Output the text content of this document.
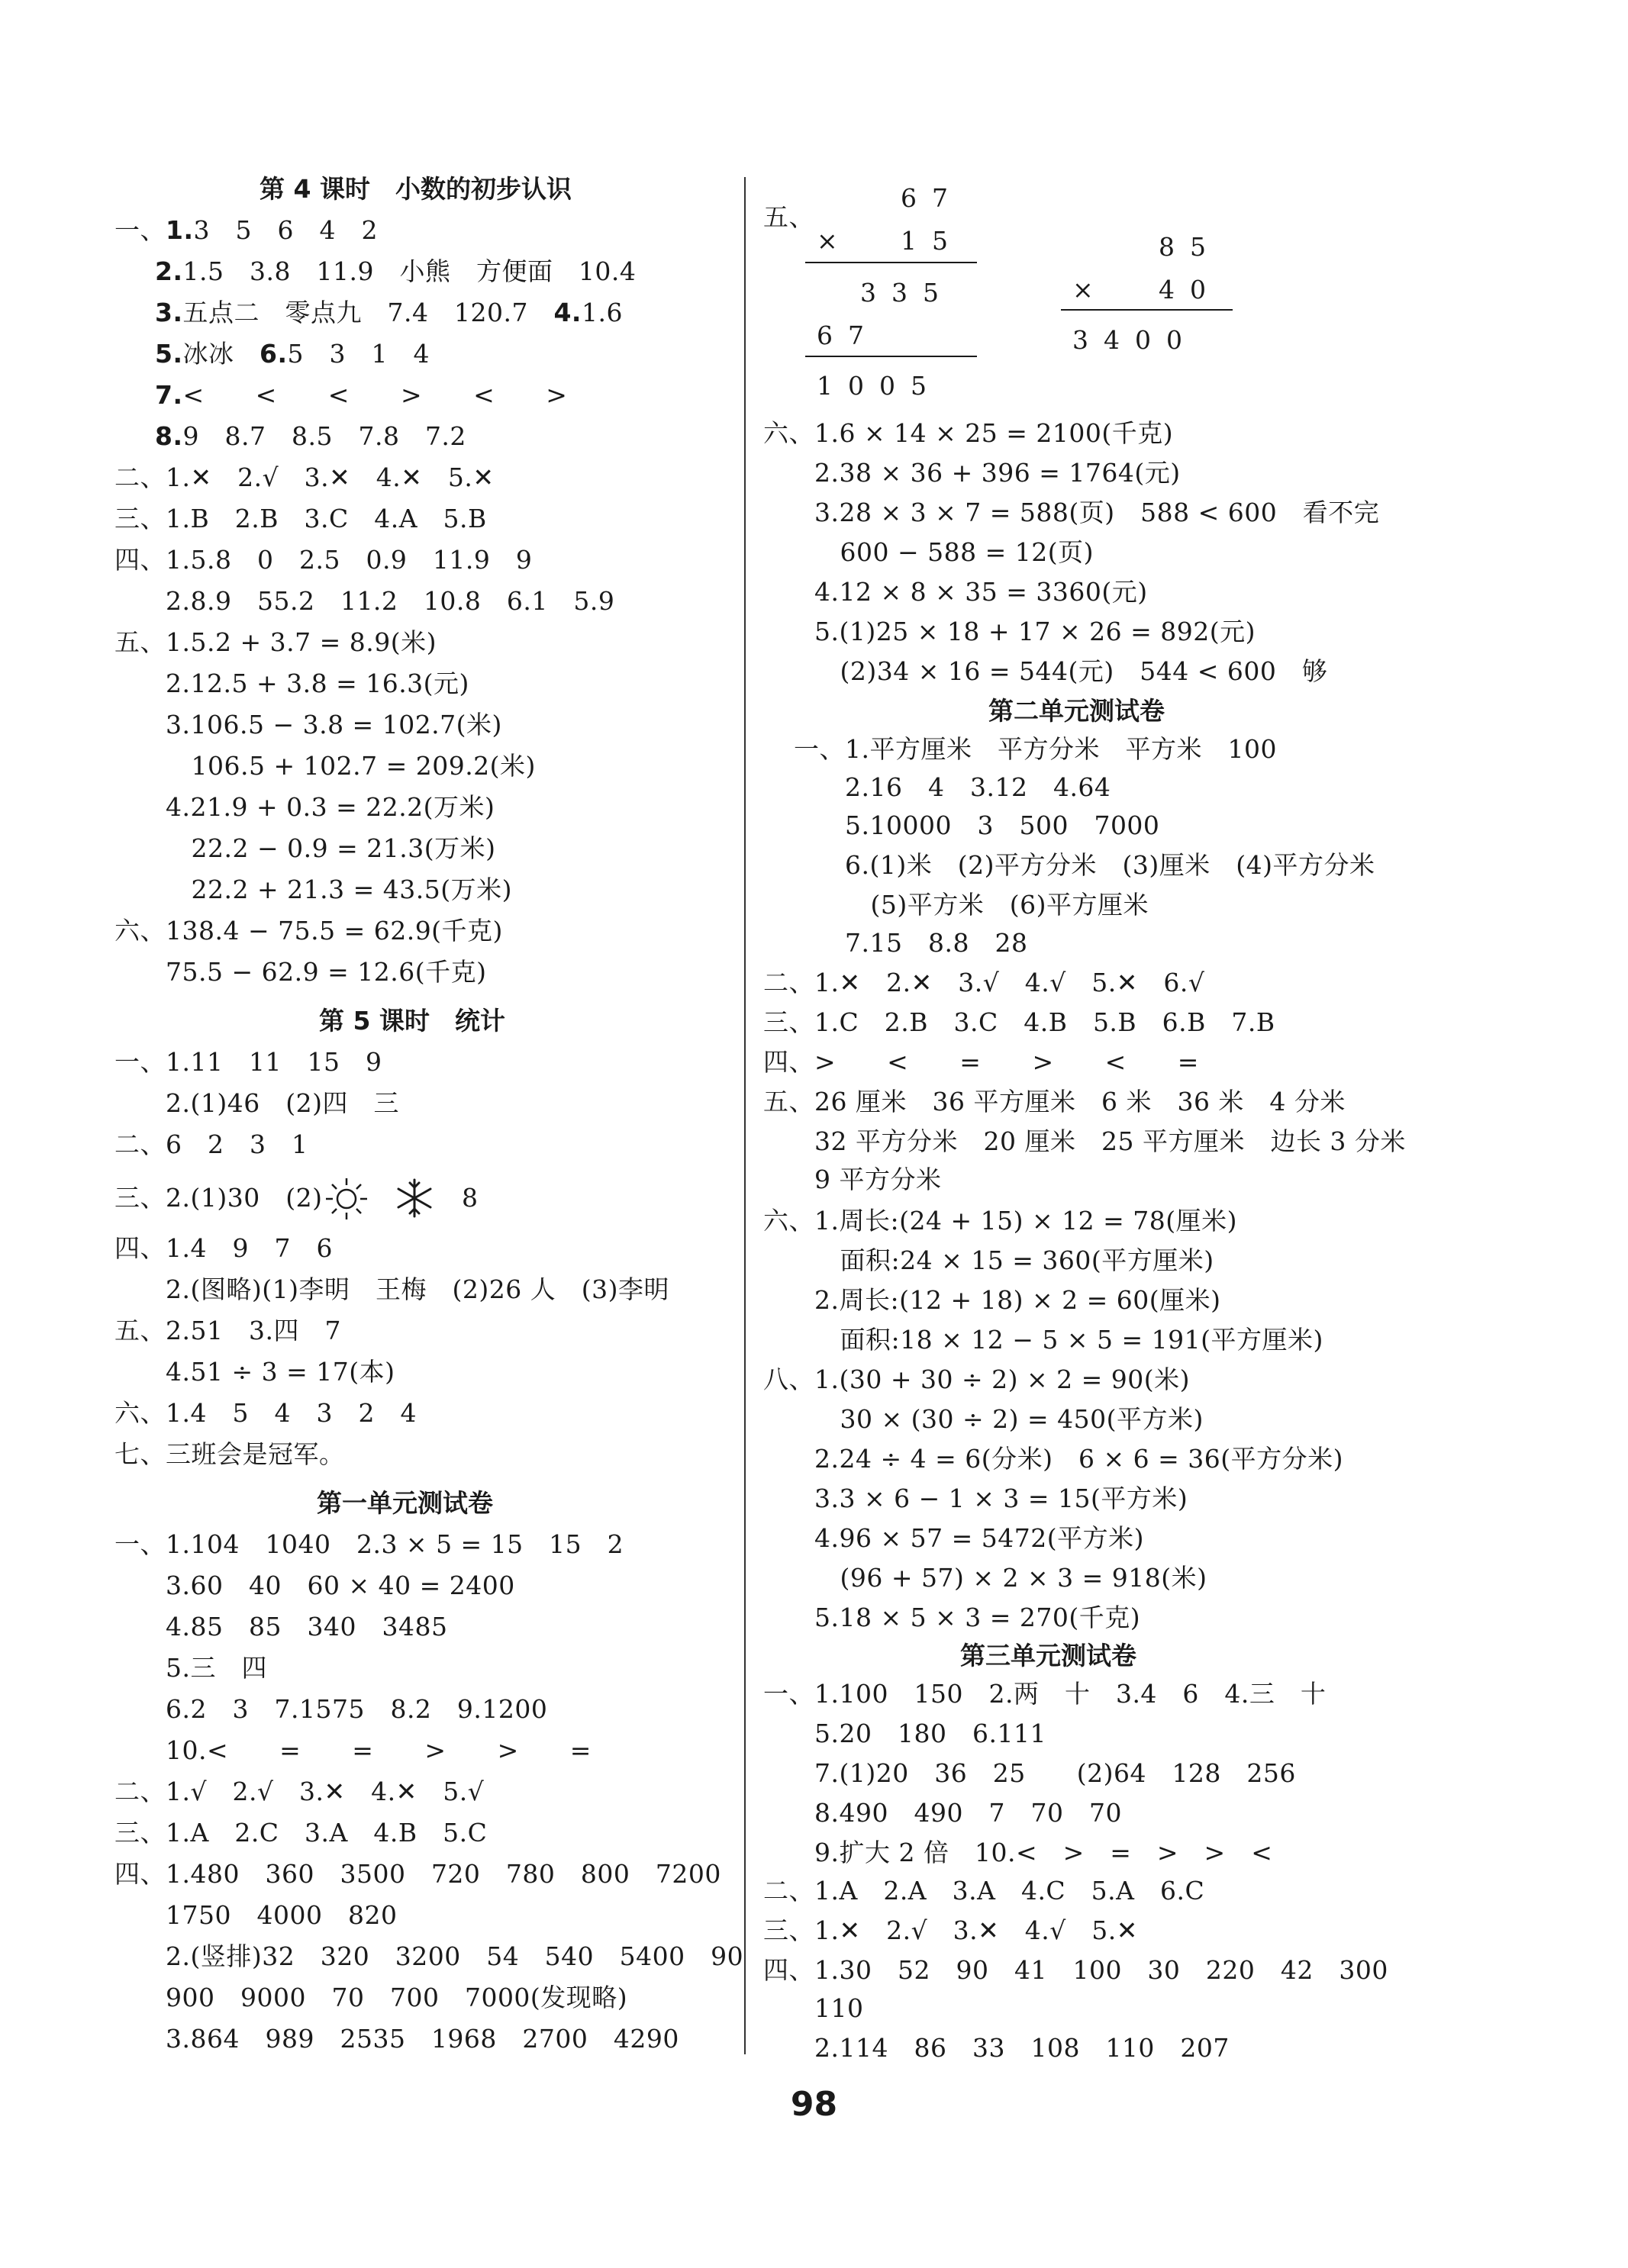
第 4 课时　小数的初步认识
一、1.3　5　6　4　2
2.1.5　3.8　11.9　小熊　方便面　10.4
3.五点二　零点九　7.4　120.7　4.1.6
5.冰冰　6.5　3　1　4
7.<　　<　　<　　>　　<　　>
8.9　8.7　8.5　7.8　7.2
二、1.✕　2.√　3.✕　4.✕　5.✕
三、1.B　2.B　3.C　4.A　5.B
四、1.5.8　0　2.5　0.9　11.9　9
　　2.8.9　55.2　11.2　10.8　6.1　5.9
五、1.5.2 + 3.7 = 8.9(米)
　　2.12.5 + 3.8 = 16.3(元)
　　3.106.5 − 3.8 = 102.7(米)
　　　106.5 + 102.7 = 209.2(米)
　　4.21.9 + 0.3 = 22.2(万米)
　　　22.2 − 0.9 = 21.3(万米)
　　　22.2 + 21.3 = 43.5(万米)
六、138.4 − 75.5 = 62.9(千克)
　　75.5 − 62.9 = 12.6(千克)
第 5 课时　统计
一、1.11　11　15　9
　　2.(1)46　(2)四　三
二、6　2　3　1
三、2.(1)30　(2)	8
四、1.4　9　7　6
　　2.(图略)(1)李明　王梅　(2)26 人　(3)李明
五、2.51　3.四　7
　　4.51 ÷ 3 = 17(本)
六、1.4　5　4　3　2　4
七、三班会是冠军。
第一单元测试卷
一、1.104　1040　2.3 × 5 = 15　15　2
　　3.60　40　60 × 40 = 2400
　　4.85　85　340　3485
　　5.三　四
　　6.2　3　7.1575　8.2　9.1200
　　10.<　　=　　=　　>　　>　　=
二、1.√　2.√　3.✕　4.✕　5.√
三、1.A　2.C　3.A　4.B　5.C
四、1.480　360　3500　720　780　800　7200
　　1750　4000　820
　　2.(竖排)32　320　3200　54　540　5400　90
　　900　9000　70　700　7000(发现略)
　　3.864　989　2535　1968　2700　4290
五、
67
× 15
335
67
1005
85
× 40
3400
六、1.6 × 14 × 25 = 2100(千克)
　　2.38 × 36 + 396 = 1764(元)
　　3.28 × 3 × 7 = 588(页)　588 < 600　看不完
　　　600 − 588 = 12(页)
　　4.12 × 8 × 35 = 3360(元)
　　5.(1)25 × 18 + 17 × 26 = 892(元)
　　　(2)34 × 16 = 544(元)　544 < 600　够
第二单元测试卷
一、1.平方厘米　平方分米　平方米　100
　　2.16　4　3.12　4.64
　　5.10000　3　500　7000
　　6.(1)米　(2)平方分米　(3)厘米　(4)平方分米
　　　(5)平方米　(6)平方厘米
　　7.15　8.8　28
二、1.✕　2.✕　3.√　4.√　5.✕　6.√
三、1.C　2.B　3.C　4.B　5.B　6.B　7.B
四、>　　<　　=　　>　　<　　=
五、26 厘米　36 平方厘米　6 米　36 米　4 分米
　　32 平方分米　20 厘米　25 平方厘米　边长 3 分米
　　9 平方分米
六、1.周长:(24 + 15) × 12 = 78(厘米)
　　　面积:24 × 15 = 360(平方厘米)
　　2.周长:(12 + 18) × 2 = 60(厘米)
　　　面积:18 × 12 − 5 × 5 = 191(平方厘米)
八、1.(30 + 30 ÷ 2) × 2 = 90(米)
　　　30 × (30 ÷ 2) = 450(平方米)
　　2.24 ÷ 4 = 6(分米)　6 × 6 = 36(平方分米)
　　3.3 × 6 − 1 × 3 = 15(平方米)
　　4.96 × 57 = 5472(平方米)
　　　(96 + 57) × 2 × 3 = 918(米)
　　5.18 × 5 × 3 = 270(千克)
第三单元测试卷
一、1.100　150　2.两　十　3.4　6　4.三　十
　　5.20　180　6.111
　　7.(1)20　36　25　　(2)64　128　256
　　8.490　490　7　70　70
　　9.扩大 2 倍　10.<　>　=　>　>　<
二、1.A　2.A　3.A　4.C　5.A　6.C
三、1.✕　2.√　3.✕　4.√　5.✕
四、1.30　52　90　41　100　30　220　42　300
　　110
　　2.114　86　33　108　110　207
98
